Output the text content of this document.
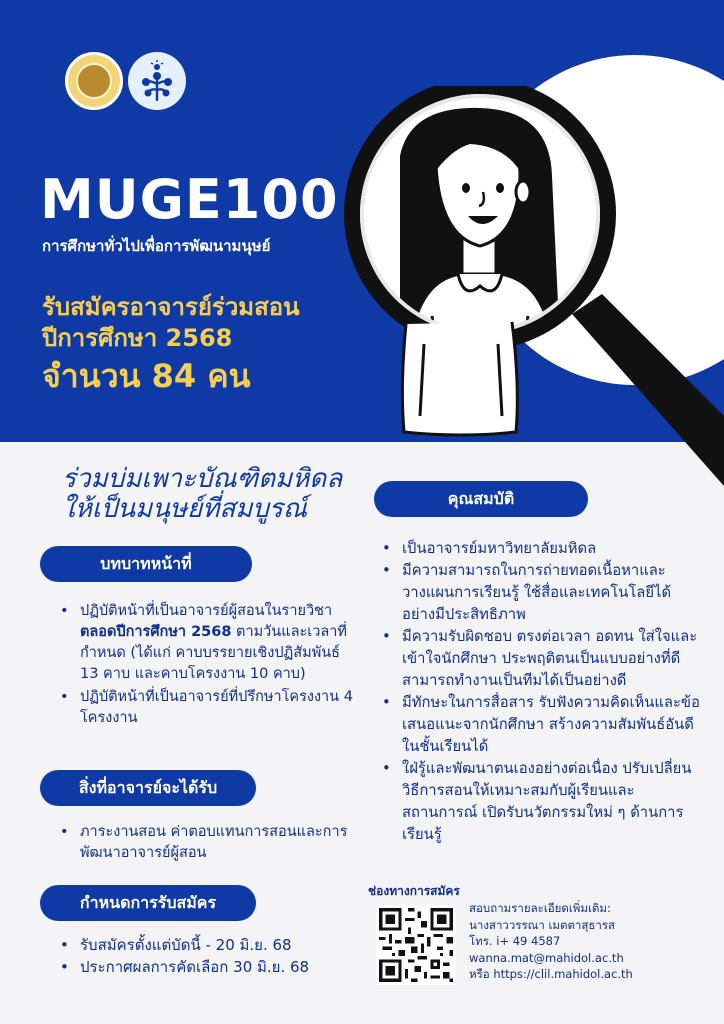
MUGE100
การศึกษาทั่วไปเพื่อการพัฒนามนุษย์
รับสมัครอาจารย์ร่วมสอน
ปีการศึกษา 2568
จำนวน 84 คน
ร่วมบ่มเพาะบัณฑิตมหิดล
ให้เป็นมนุษย์ที่สมบูรณ์
บทบาทหน้าที่
• ปฏิบัติหน้าที่เป็นอาจารย์ผู้สอนในรายวิชา ตลอดปีการศึกษา 2568 ตามวันและเวลาที่กำหนด (ได้แก่ คาบบรรยายเชิงปฏิสัมพันธ์ 13 คาบ และคาบโครงงาน 10 คาบ)
• ปฏิบัติหน้าที่เป็นอาจารย์ที่ปรึกษาโครงงาน 4 โครงงาน
สิ่งที่อาจารย์จะได้รับ
• ภาระงานสอน ค่าตอบแทนการสอนและการพัฒนาอาจารย์ผู้สอน
กำหนดการรับสมัคร
• รับสมัครตั้งแต่บัดนี้ - 20 มิ.ย. 68
• ประกาศผลการคัดเลือก 30 มิ.ย. 68
คุณสมบัติ
• เป็นอาจารย์มหาวิทยาลัยมหิดล
• มีความสามารถในการถ่ายทอดเนื้อหาและวางแผนการเรียนรู้ ใช้สื่อและเทคโนโลยีได้อย่างมีประสิทธิภาพ
• มีความรับผิดชอบ ตรงต่อเวลา อดทน ใส่ใจและเข้าใจนักศึกษา ประพฤติตนเป็นแบบอย่างที่ดี สามารถทำงานเป็นทีมได้เป็นอย่างดี
• มีทักษะในการสื่อสาร รับฟังความคิดเห็นและข้อเสนอแนะจากนักศึกษา สร้างความสัมพันธ์อันดีในชั้นเรียนได้
• ใฝ่รู้และพัฒนาตนเองอย่างต่อเนื่อง ปรับเปลี่ยนวิธีการสอนให้เหมาะสมกับผู้เรียนและสถานการณ์ เปิดรับนวัตกรรมใหม่ ๆ ด้านการเรียนรู้
ช่องทางการสมัคร
สอบถามรายละเอียดเพิ่มเติม:
นางสาววรรณา เมตตาสุธารส
โทร. i+ 49 4587
wanna.mat@mahidol.ac.th
หรือ https://clil.mahidol.ac.th
